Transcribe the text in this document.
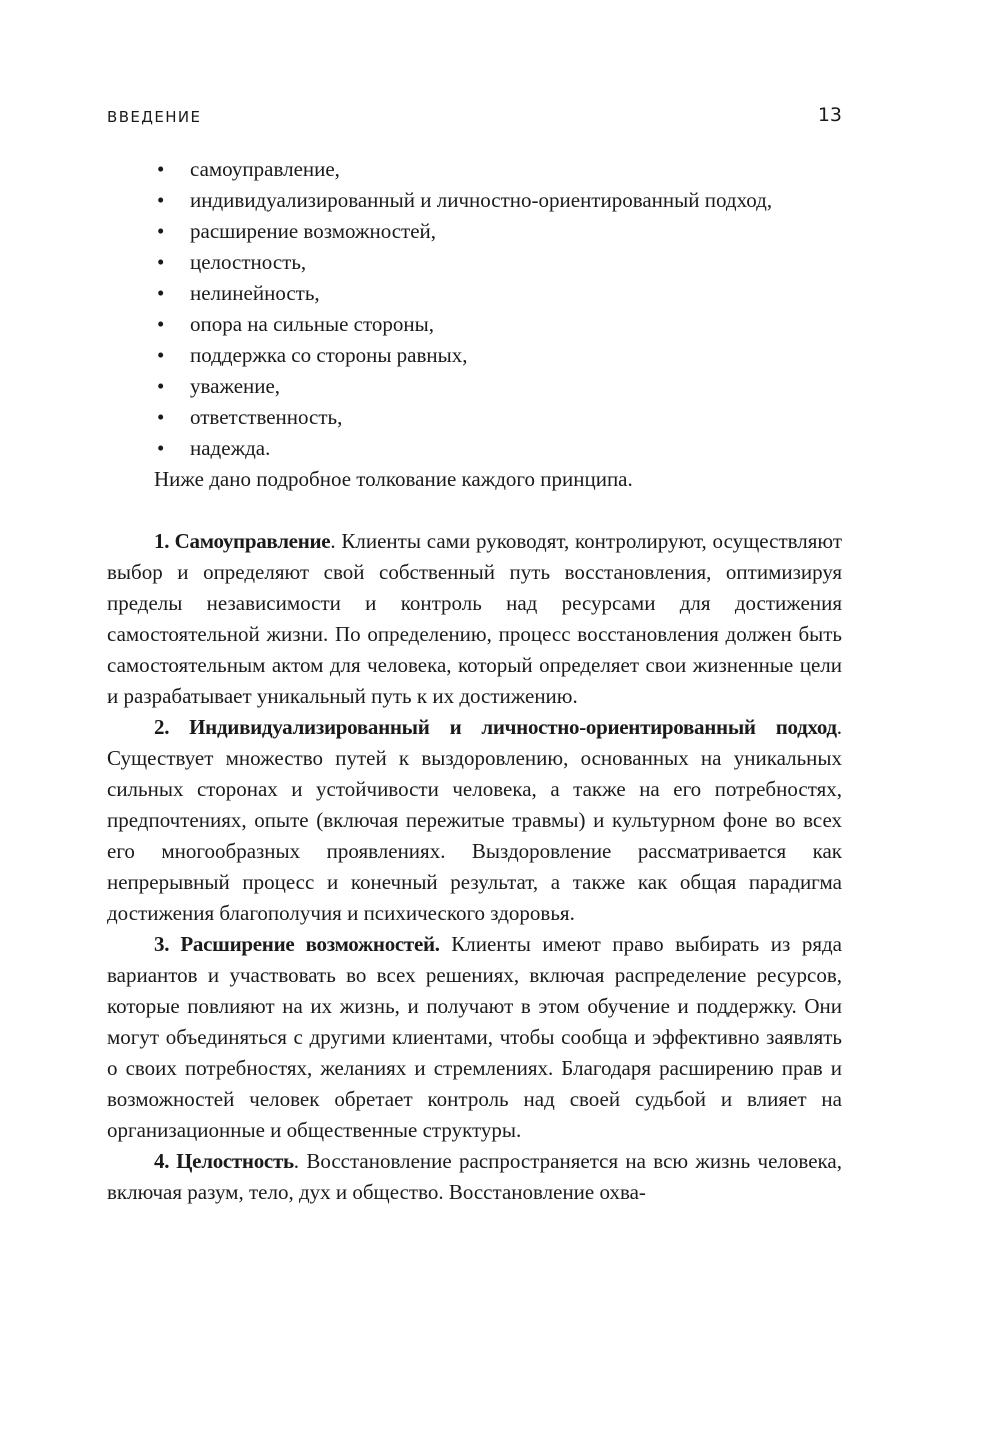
ВВЕДЕНИЕ	13
• самоуправление,
• индивидуализированный и личностно-ориентированный подход,
• расширение возможностей,
• целостность,
• нелинейность,
• опора на сильные стороны,
• поддержка со стороны равных,
• уважение,
• ответственность,
• надежда.

Ниже дано подробное толкование каждого принципа.

1. Самоуправление. Клиенты сами руководят, контролируют, осуществляют выбор и определяют свой собственный путь восстановления, оптимизируя пределы независимости и контроль над ресурсами для достижения самостоятельной жизни. По определению, процесс восстановления должен быть самостоятельным актом для человека, который определяет свои жизненные цели и разрабатывает уникальный путь к их достижению.

2. Индивидуализированный и личностно-ориентированный подход. Существует множество путей к выздоровлению, основанных на уникальных сильных сторонах и устойчивости человека, а также на его потребностях, предпочтениях, опыте (включая пережитые травмы) и культурном фоне во всех его многообразных проявлениях. Выздоровление рассматривается как непрерывный процесс и конечный результат, а также как общая парадигма достижения благополучия и психического здоровья.

3. Расширение возможностей. Клиенты имеют право выбирать из ряда вариантов и участвовать во всех решениях, включая распределение ресурсов, которые повлияют на их жизнь, и получают в этом обучение и поддержку. Они могут объединяться с другими клиентами, чтобы сообща и эффективно заявлять о своих потребностях, желаниях и стремлениях. Благодаря расширению прав и возможностей человек обретает контроль над своей судьбой и влияет на организационные и общественные структуры.

4. Целостность. Восстановление распространяется на всю жизнь человека, включая разум, тело, дух и общество. Восстановление охва-
